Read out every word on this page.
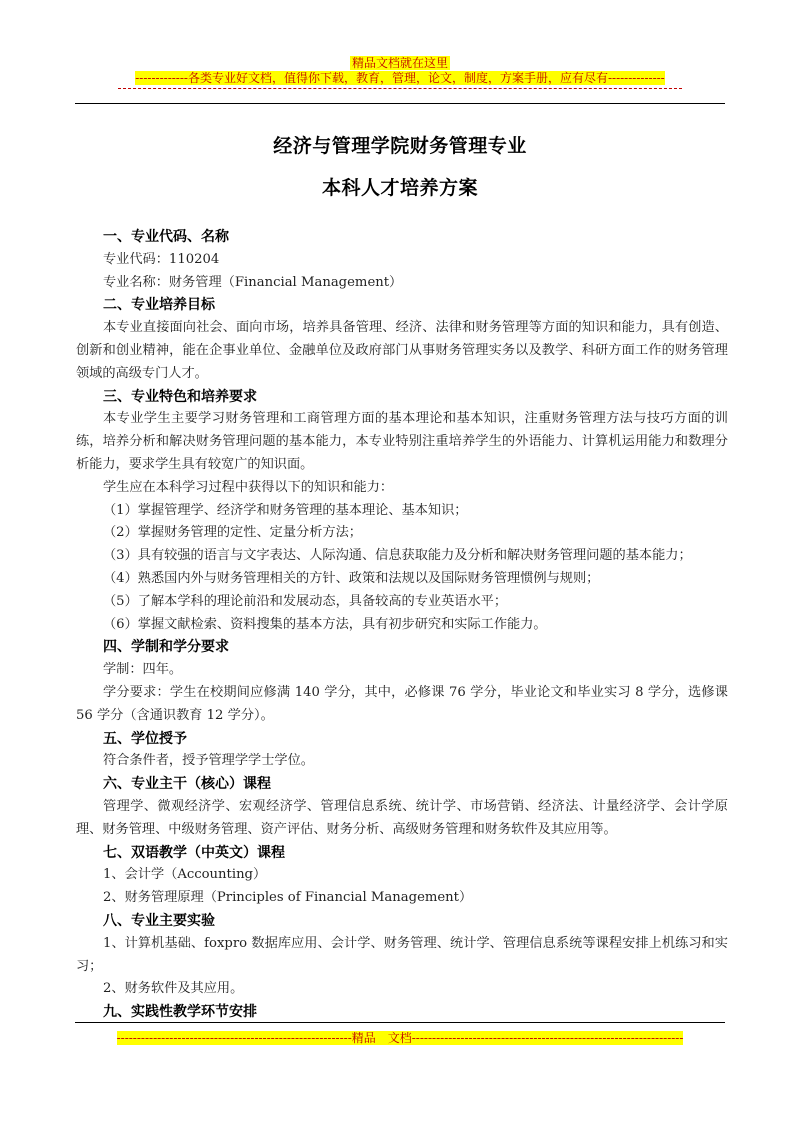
精品文档就在这里
-------------各类专业好文档，值得你下载，教育，管理，论文，制度，方案手册，应有尽有--------------
经济与管理学院财务管理专业
本科人才培养方案

一、专业代码、名称

专业代码：110204

专业名称：财务管理（Financial Management）

二、专业培养目标

本专业直接面向社会、面向市场，培养具备管理、经济、法律和财务管理等方面的知识和能力，具有创造、创新和创业精神，能在企事业单位、金融单位及政府部门从事财务管理实务以及教学、科研方面工作的财务管理领域的高级专门人才。

三、专业特色和培养要求

本专业学生主要学习财务管理和工商管理方面的基本理论和基本知识，注重财务管理方法与技巧方面的训练，培养分析和解决财务管理问题的基本能力，本专业特别注重培养学生的外语能力、计算机运用能力和数理分析能力，要求学生具有较宽广的知识面。

学生应在本科学习过程中获得以下的知识和能力：

（1）掌握管理学、经济学和财务管理的基本理论、基本知识；

（2）掌握财务管理的定性、定量分析方法；

（3）具有较强的语言与文字表达、人际沟通、信息获取能力及分析和解决财务管理问题的基本能力；

（4）熟悉国内外与财务管理相关的方针、政策和法规以及国际财务管理惯例与规则；

（5）了解本学科的理论前沿和发展动态，具备较高的专业英语水平；

（6）掌握文献检索、资料搜集的基本方法，具有初步研究和实际工作能力。

四、学制和学分要求

学制：四年。

学分要求：学生在校期间应修满 140 学分，其中，必修课 76 学分，毕业论文和毕业实习 8 学分，选修课 56 学分（含通识教育 12 学分）。

五、学位授予

符合条件者，授予管理学学士学位。

六、专业主干（核心）课程

管理学、微观经济学、宏观经济学、管理信息系统、统计学、市场营销、经济法、计量经济学、会计学原理、财务管理、中级财务管理、资产评估、财务分析、高级财务管理和财务软件及其应用等。

七、双语教学（中英文）课程

1、会计学（Accounting）

2、财务管理原理（Principles of Financial Management）

八、专业主要实验

1、计算机基础、foxpro 数据库应用、会计学、财务管理、统计学、管理信息系统等课程安排上机练习和实习；

2、财务软件及其应用。

九、实践性教学环节安排

----------------------------------------------------------精品　文档-------------------------------------------------------------------
